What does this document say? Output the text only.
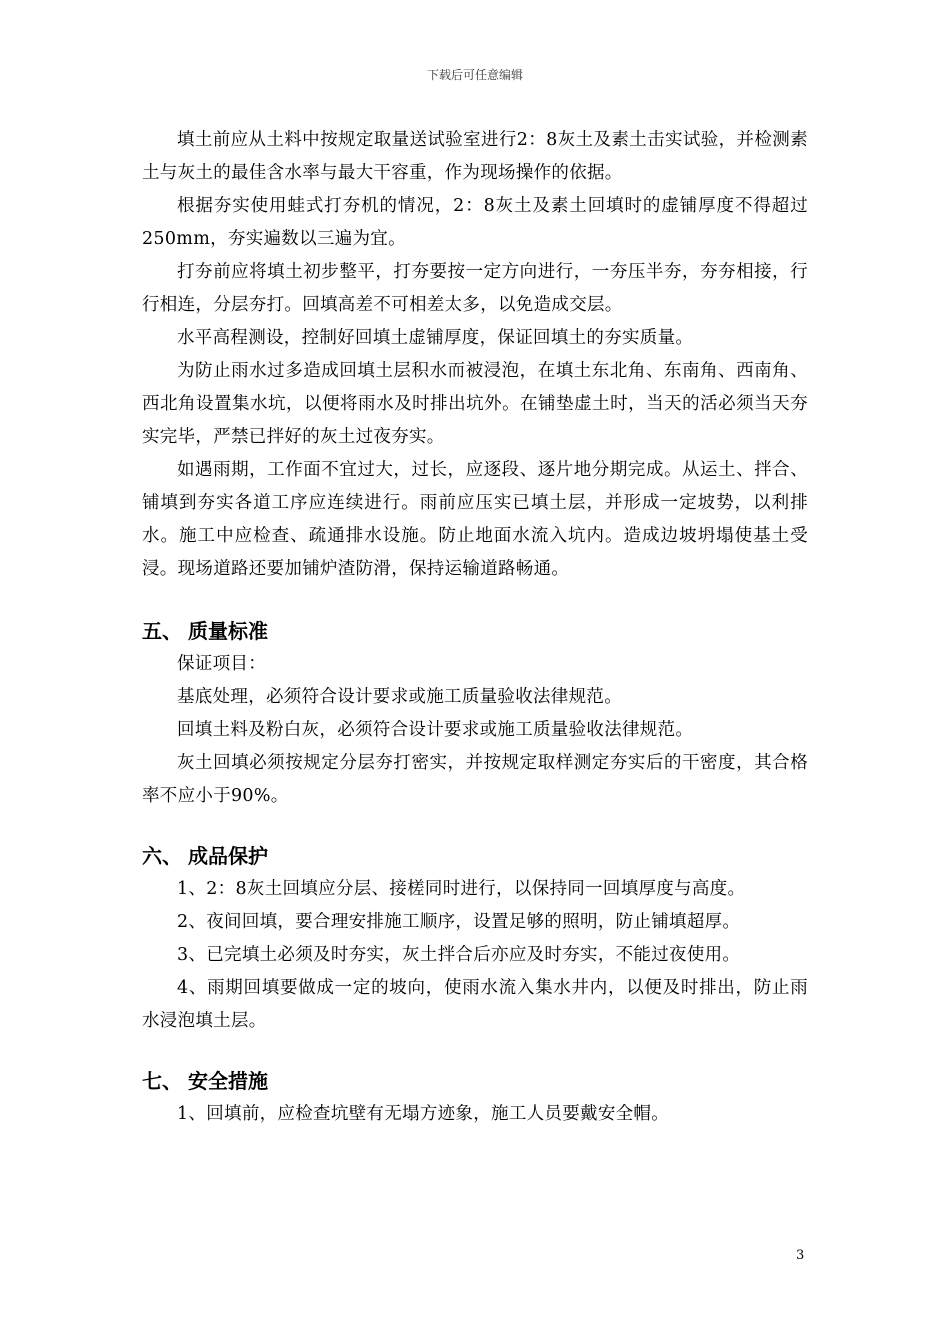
下载后可任意编辑

填土前应从土料中按规定取量送试验室进行2：8灰土及素土击实试验，并检测素土与灰土的最佳含水率与最大干容重，作为现场操作的依据。

根据夯实使用蛙式打夯机的情况，2：8灰土及素土回填时的虚铺厚度不得超过250mm，夯实遍数以三遍为宜。

打夯前应将填土初步整平，打夯要按一定方向进行，一夯压半夯，夯夯相接，行行相连，分层夯打。回填高差不可相差太多，以免造成交层。

水平高程测设，控制好回填土虚铺厚度，保证回填土的夯实质量。

为防止雨水过多造成回填土层积水而被浸泡，在填土东北角、东南角、西南角、西北角设置集水坑，以便将雨水及时排出坑外。在铺垫虚土时，当天的活必须当天夯实完毕，严禁已拌好的灰土过夜夯实。

如遇雨期，工作面不宜过大，过长，应逐段、逐片地分期完成。从运土、拌合、铺填到夯实各道工序应连续进行。雨前应压实已填土层，并形成一定坡势，以利排水。施工中应检查、疏通排水设施。防止地面水流入坑内。造成边坡坍塌使基土受浸。现场道路还要加铺炉渣防滑，保持运输道路畅通。

五、 质量标准

保证项目：

基底处理，必须符合设计要求或施工质量验收法律规范。

回填土料及粉白灰，必须符合设计要求或施工质量验收法律规范。

灰土回填必须按规定分层夯打密实，并按规定取样测定夯实后的干密度，其合格率不应小于90%。

六、 成品保护

1、2：8灰土回填应分层、接槎同时进行，以保持同一回填厚度与高度。

2、夜间回填，要合理安排施工顺序，设置足够的照明，防止铺填超厚。

3、已完填土必须及时夯实，灰土拌合后亦应及时夯实，不能过夜使用。

4、雨期回填要做成一定的坡向，使雨水流入集水井内，以便及时排出，防止雨水浸泡填土层。

七、 安全措施

1、回填前，应检查坑壁有无塌方迹象，施工人员要戴安全帽。

3
